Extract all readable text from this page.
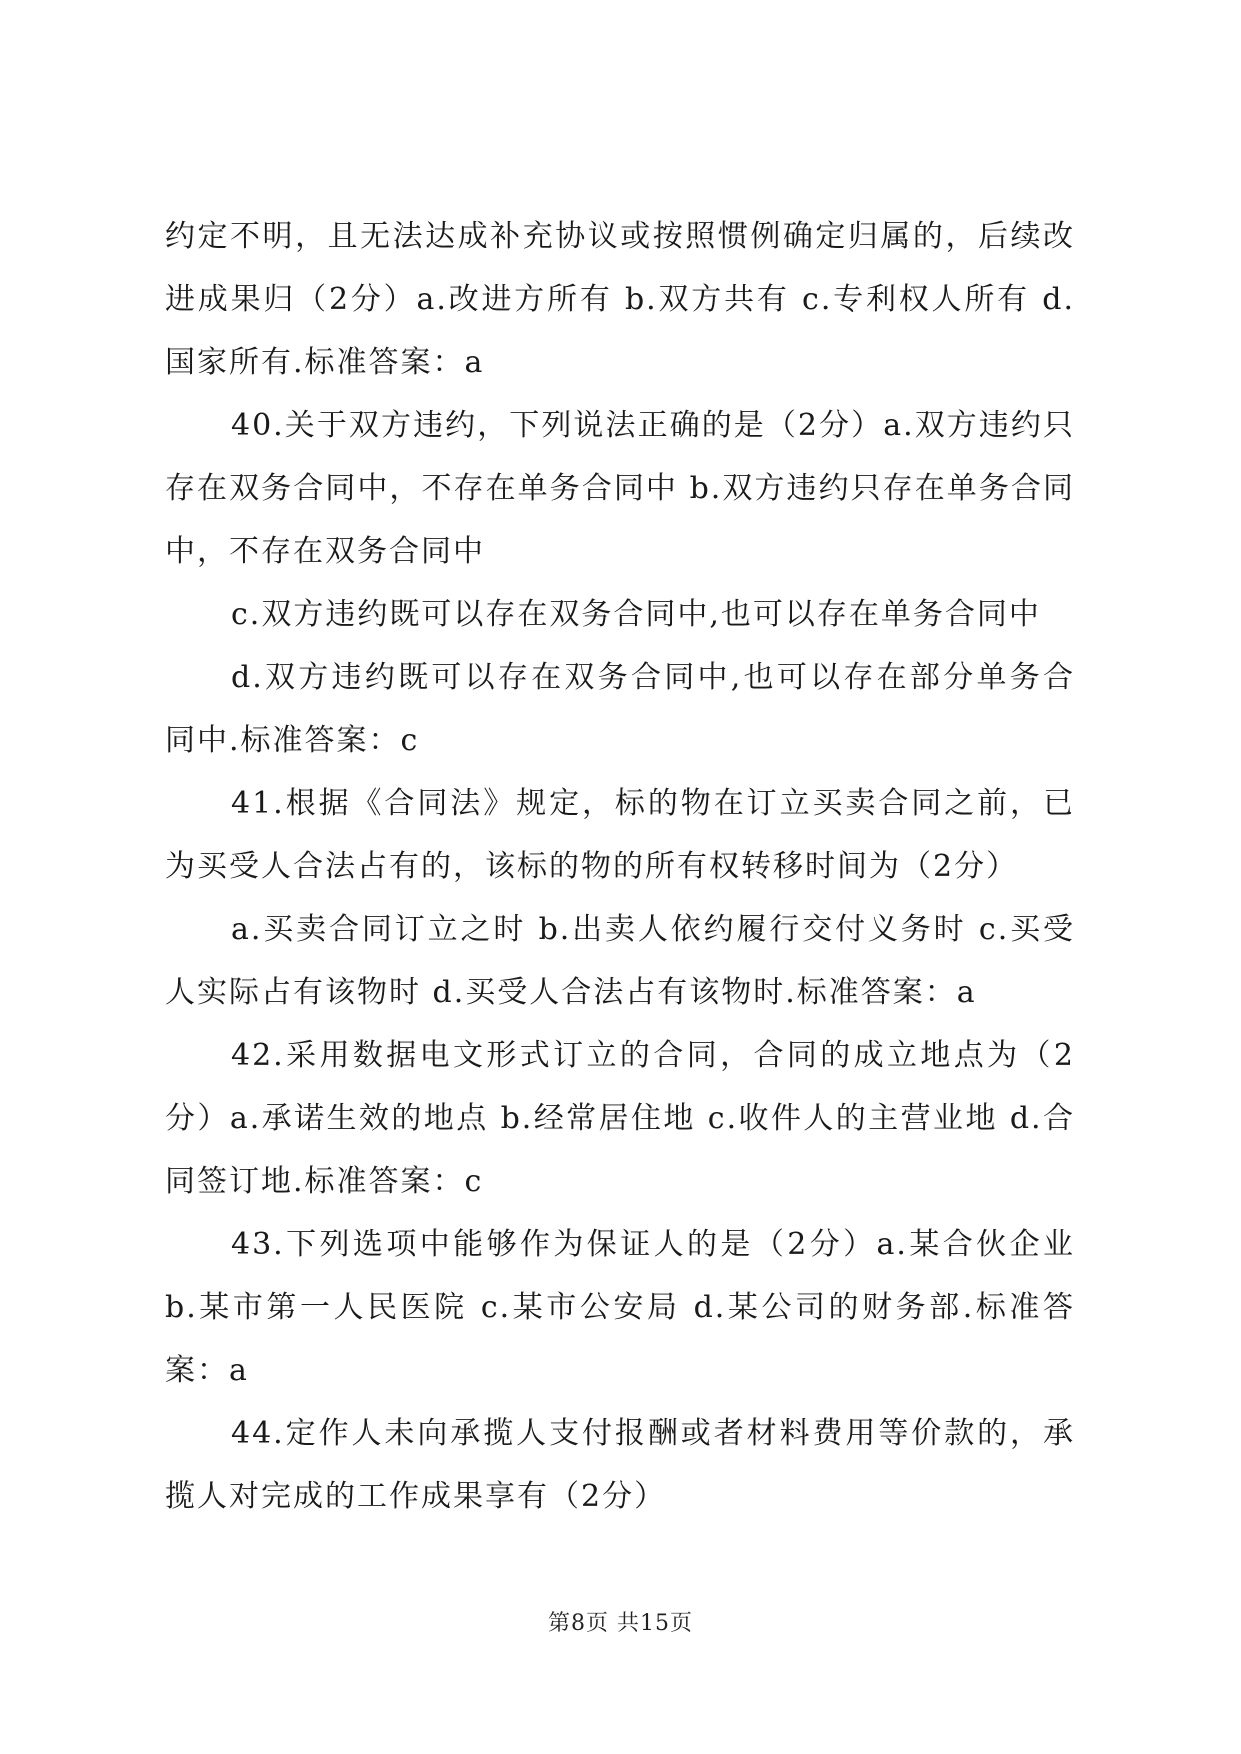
约定不明，且无法达成补充协议或按照惯例确定归属的，后续改进成果归（2分）a.改进方所有 b.双方共有 c.专利权人所有 d.国家所有.标准答案：a

40.关于双方违约，下列说法正确的是（2分）a.双方违约只存在双务合同中，不存在单务合同中 b.双方违约只存在单务合同中，不存在双务合同中

c.双方违约既可以存在双务合同中,也可以存在单务合同中

d.双方违约既可以存在双务合同中,也可以存在部分单务合同中.标准答案：c

41.根据《合同法》规定，标的物在订立买卖合同之前，已为买受人合法占有的，该标的物的所有权转移时间为（2分）

a.买卖合同订立之时 b.出卖人依约履行交付义务时 c.买受人实际占有该物时 d.买受人合法占有该物时.标准答案：a

42.采用数据电文形式订立的合同，合同的成立地点为（2分）a.承诺生效的地点 b.经常居住地 c.收件人的主营业地 d.合同签订地.标准答案：c

43.下列选项中能够作为保证人的是（2分）a.某合伙企业 b.某市第一人民医院 c.某市公安局 d.某公司的财务部.标准答案：a

44.定作人未向承揽人支付报酬或者材料费用等价款的，承揽人对完成的工作成果享有（2分）

第8页 共15页
